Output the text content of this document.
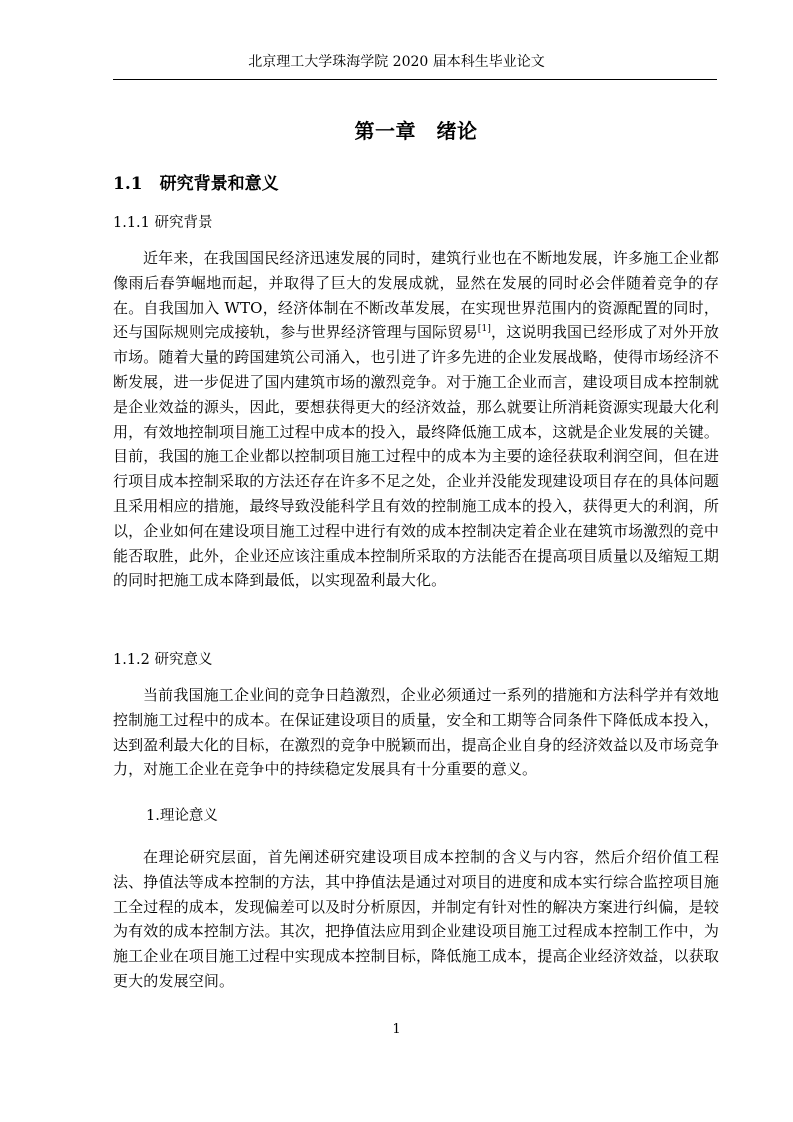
北京理工大学珠海学院 2020 届本科生毕业论文
第一章　绪论
1.1　研究背景和意义
1.1.1 研究背景

近年来，在我国国民经济迅速发展的同时，建筑行业也在不断地发展，许多施工企业都像雨后春笋崛地而起，并取得了巨大的发展成就，显然在发展的同时必会伴随着竞争的存在。自我国加入 WTO，经济体制在不断改革发展，在实现世界范围内的资源配置的同时，还与国际规则完成接轨，参与世界经济管理与国际贸易[1]，这说明我国已经形成了对外开放市场。随着大量的跨国建筑公司涌入，也引进了许多先进的企业发展战略，使得市场经济不断发展，进一步促进了国内建筑市场的激烈竞争。对于施工企业而言，建设项目成本控制就是企业效益的源头，因此，要想获得更大的经济效益，那么就要让所消耗资源实现最大化利用，有效地控制项目施工过程中成本的投入，最终降低施工成本，这就是企业发展的关键。目前，我国的施工企业都以控制项目施工过程中的成本为主要的途径获取利润空间，但在进行项目成本控制采取的方法还存在许多不足之处，企业并没能发现建设项目存在的具体问题且采用相应的措施，最终导致没能科学且有效的控制施工成本的投入，获得更大的利润，所以，企业如何在建设项目施工过程中进行有效的成本控制决定着企业在建筑市场激烈的竞中能否取胜，此外，企业还应该注重成本控制所采取的方法能否在提高项目质量以及缩短工期的同时把施工成本降到最低，以实现盈利最大化。

1.1.2 研究意义

当前我国施工企业间的竞争日趋激烈，企业必须通过一系列的措施和方法科学并有效地控制施工过程中的成本。在保证建设项目的质量，安全和工期等合同条件下降低成本投入，达到盈利最大化的目标，在激烈的竞争中脱颖而出，提高企业自身的经济效益以及市场竞争力，对施工企业在竞争中的持续稳定发展具有十分重要的意义。

1.理论意义

在理论研究层面，首先阐述研究建设项目成本控制的含义与内容，然后介绍价值工程法、挣值法等成本控制的方法，其中挣值法是通过对项目的进度和成本实行综合监控项目施工全过程的成本，发现偏差可以及时分析原因，并制定有针对性的解决方案进行纠偏，是较为有效的成本控制方法。其次，把挣值法应用到企业建设项目施工过程成本控制工作中，为施工企业在项目施工过程中实现成本控制目标，降低施工成本，提高企业经济效益，以获取更大的发展空间。

1
